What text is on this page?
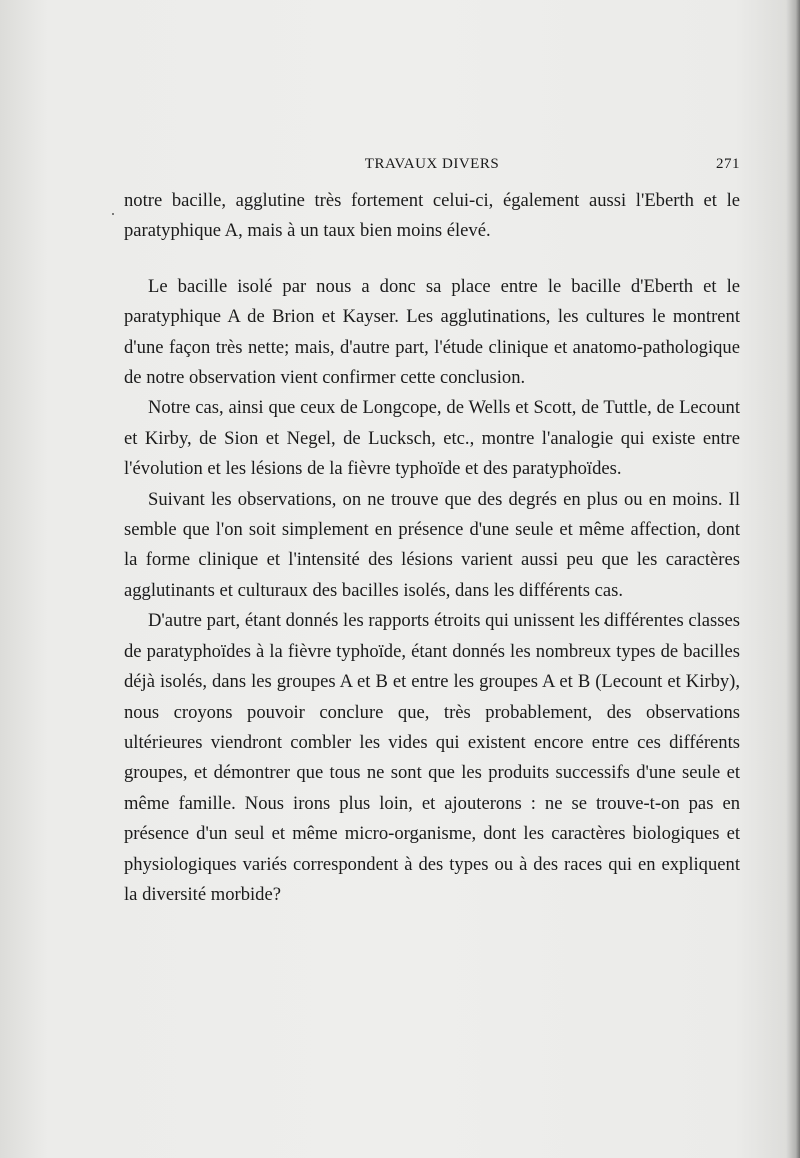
TRAVAUX DIVERS	271

notre bacille, agglutine très fortement celui-ci, également aussi l'Eberth et le paratyphique A, mais à un taux bien moins élevé.

Le bacille isolé par nous a donc sa place entre le bacille d'Eberth et le paratyphique A de Brion et Kayser. Les agglutinations, les cultures le montrent d'une façon très nette; mais, d'autre part, l'étude clinique et anatomo-pathologique de notre observation vient confirmer cette conclusion.

Notre cas, ainsi que ceux de Longcope, de Wells et Scott, de Tuttle, de Lecount et Kirby, de Sion et Negel, de Lucksch, etc., montre l'analogie qui existe entre l'évolution et les lésions de la fièvre typhoïde et des paratyphoïdes.

Suivant les observations, on ne trouve que des degrés en plus ou en moins. Il semble que l'on soit simplement en présence d'une seule et même affection, dont la forme clinique et l'intensité des lésions varient aussi peu que les caractères agglutinants et culturaux des bacilles isolés, dans les différents cas.

D'autre part, étant donnés les rapports étroits qui unissent les différentes classes de paratyphoïdes à la fièvre typhoïde, étant donnés les nombreux types de bacilles déjà isolés, dans les groupes A et B et entre les groupes A et B (Lecount et Kirby), nous croyons pouvoir conclure que, très probablement, des observations ultérieures viendront combler les vides qui existent encore entre ces différents groupes, et démontrer que tous ne sont que les produits successifs d'une seule et même famille. Nous irons plus loin, et ajouterons : ne se trouve-t-on pas en présence d'un seul et même micro-organisme, dont les caractères biologiques et physiologiques variés correspondent à des types ou à des races qui en expliquent la diversité morbide?
